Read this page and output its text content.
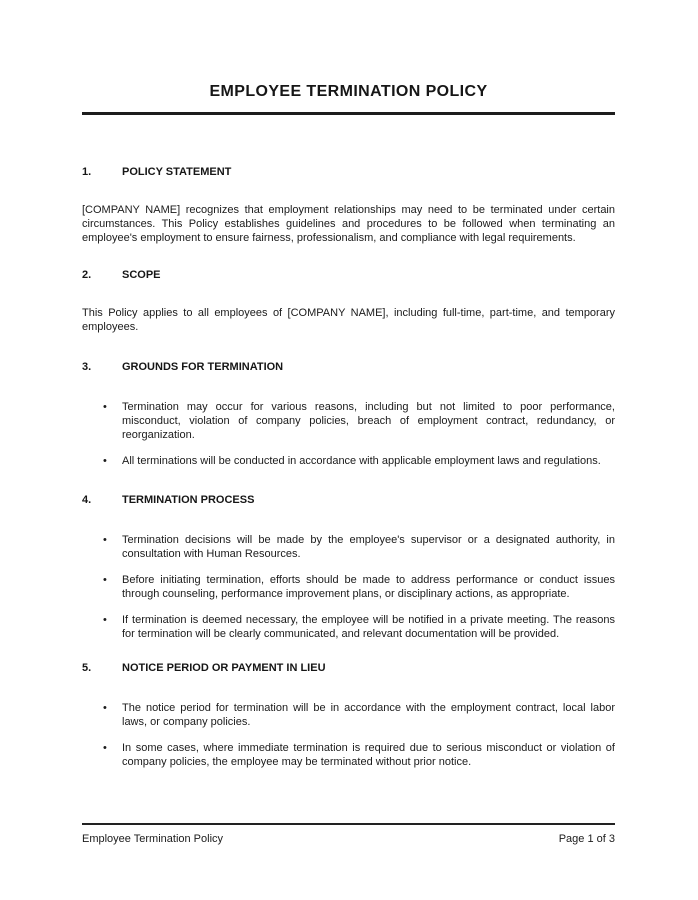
EMPLOYEE TERMINATION POLICY
1.	POLICY STATEMENT

[COMPANY NAME] recognizes that employment relationships may need to be terminated under certain circumstances. This Policy establishes guidelines and procedures to be followed when terminating an employee's employment to ensure fairness, professionalism, and compliance with legal requirements.

2.	SCOPE

This Policy applies to all employees of [COMPANY NAME], including full-time, part-time, and temporary employees.

3.	GROUNDS FOR TERMINATION
•	Termination may occur for various reasons, including but not limited to poor performance, misconduct, violation of company policies, breach of employment contract, redundancy, or reorganization.
•	All terminations will be conducted in accordance with applicable employment laws and regulations.
4.	TERMINATION PROCESS
•	Termination decisions will be made by the employee's supervisor or a designated authority, in consultation with Human Resources.
•	Before initiating termination, efforts should be made to address performance or conduct issues through counseling, performance improvement plans, or disciplinary actions, as appropriate.
•	If termination is deemed necessary, the employee will be notified in a private meeting. The reasons for termination will be clearly communicated, and relevant documentation will be provided.
5.	NOTICE PERIOD OR PAYMENT IN LIEU
•	The notice period for termination will be in accordance with the employment contract, local labor laws, or company policies.
•	In some cases, where immediate termination is required due to serious misconduct or violation of company policies, the employee may be terminated without prior notice.
Employee Termination Policy	Page 1 of 3
